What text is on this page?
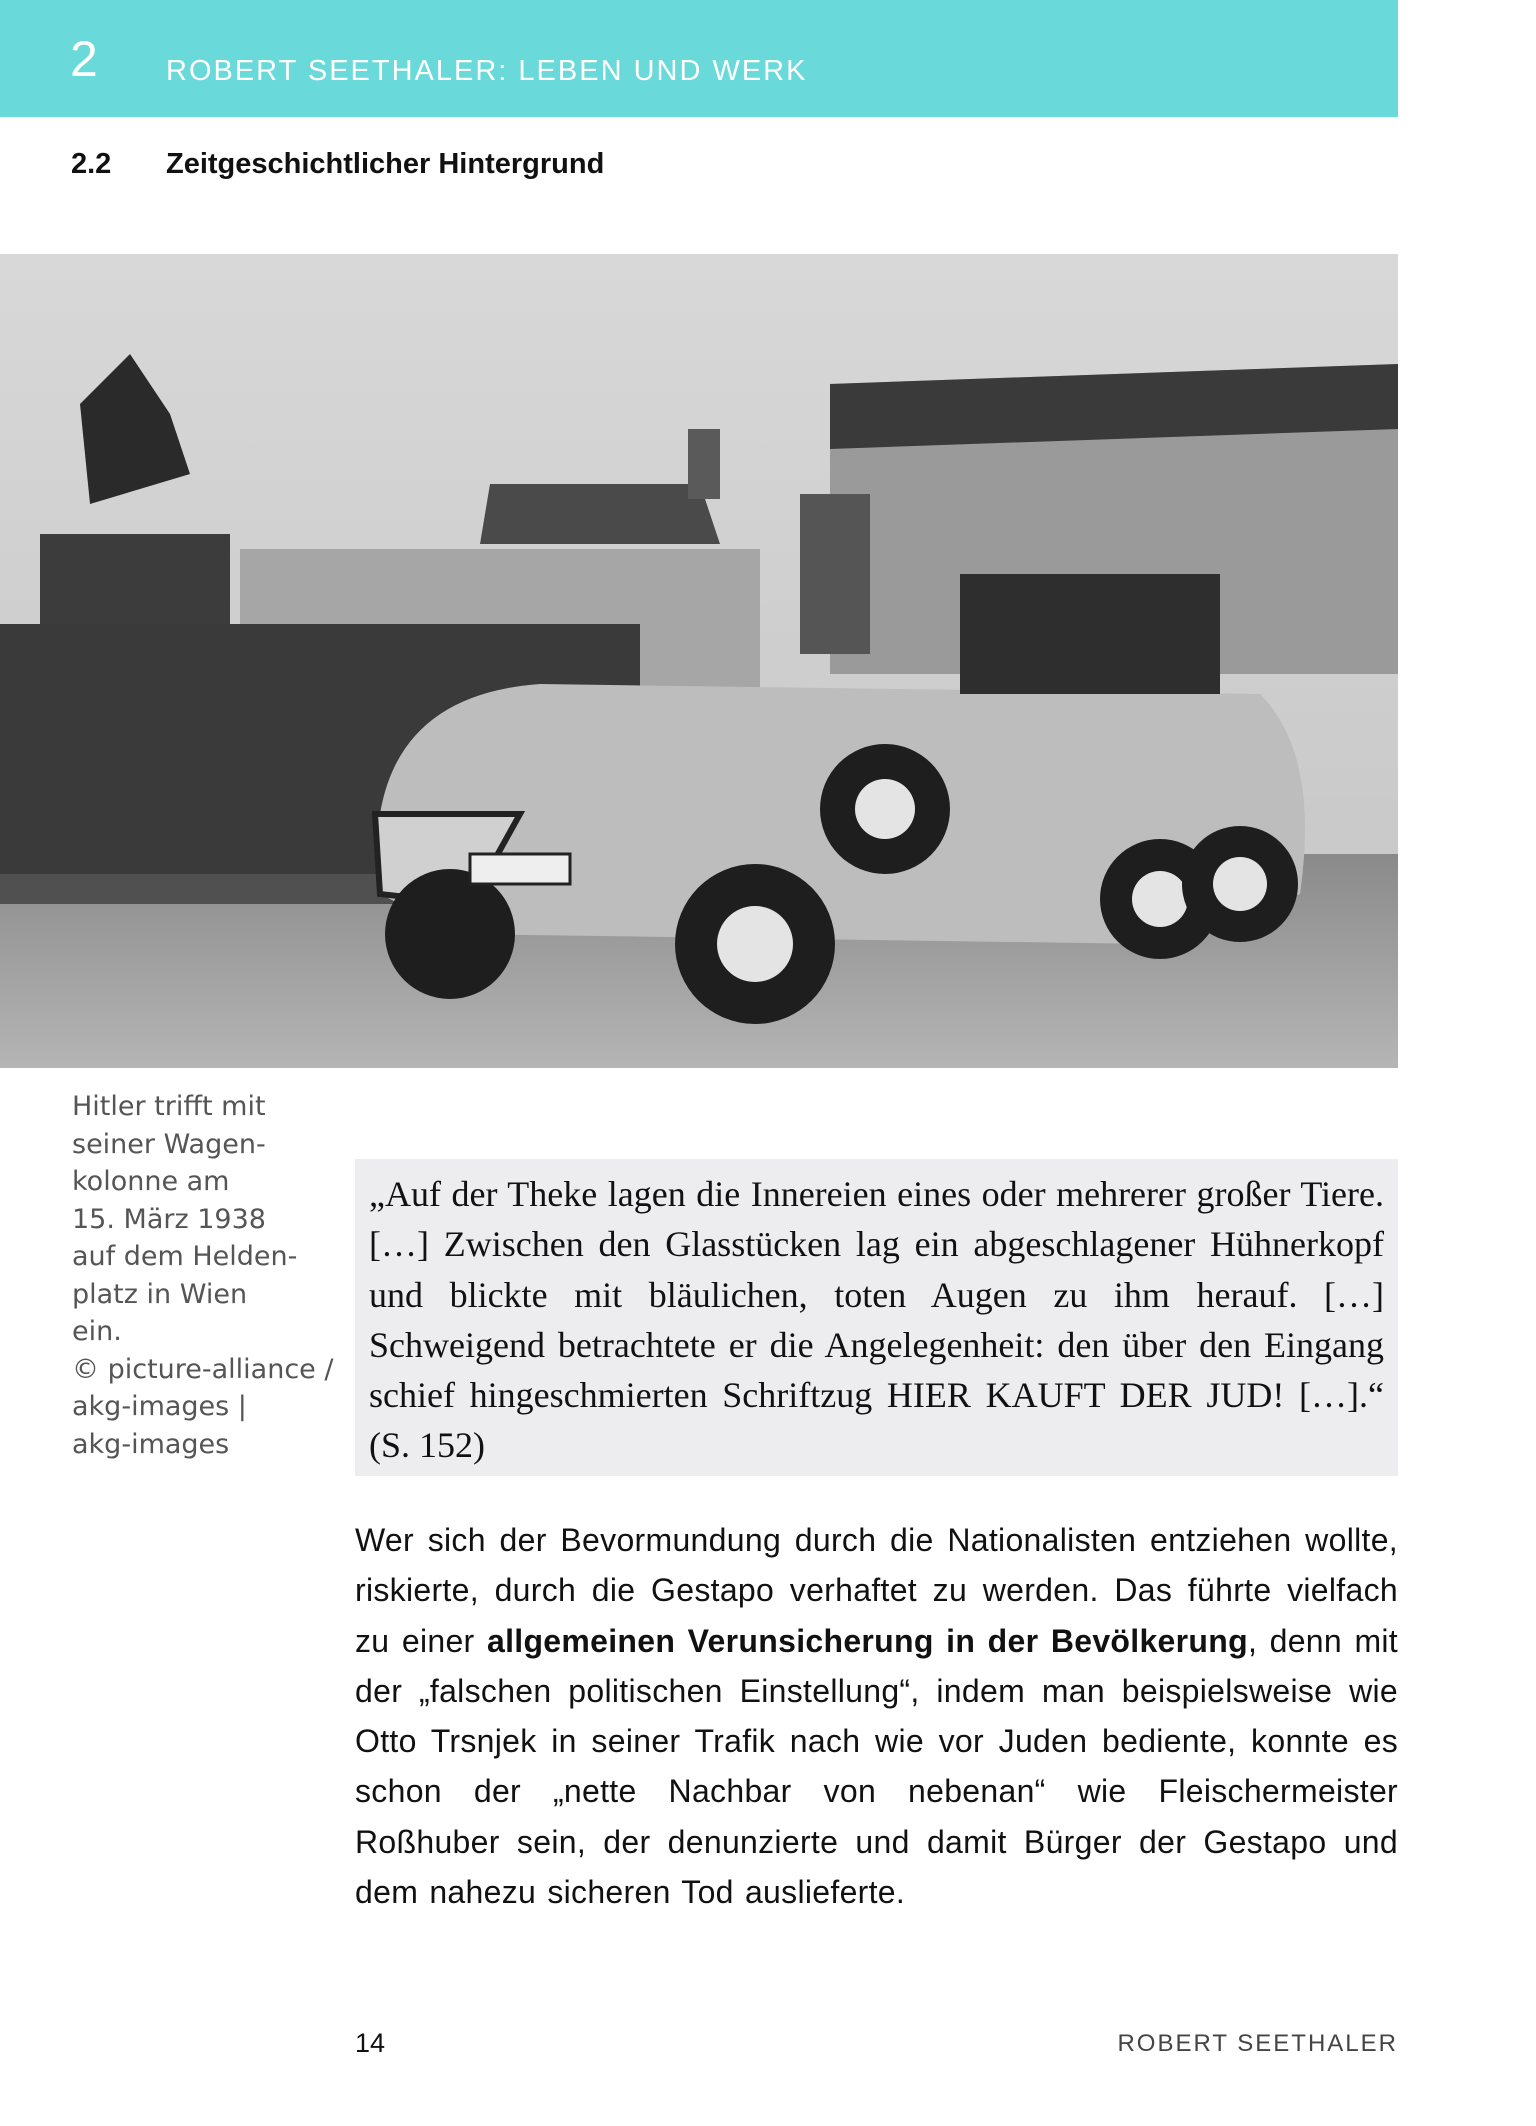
2 ROBERT SEETHALER: LEBEN UND WERK
2.2 Zeitgeschichtlicher Hintergrund
Hitler trifft mit
seiner Wagen-
kolonne am
15. März 1938
auf dem Helden-
platz in Wien
ein.
© picture-alliance /
akg-images |
akg-images
„Auf der Theke lagen die Innereien eines oder mehrerer großer Tiere. […] Zwischen den Glasstücken lag ein abgeschlagener Hühnerkopf und blickte mit bläulichen, toten Augen zu ihm herauf. […] Schweigend betrachtete er die Angelegenheit: den über den Eingang schief hingeschmierten Schriftzug HIER KAUFT DER JUD! […].“ (S. 152)
Wer sich der Bevormundung durch die Nationalisten entziehen wollte, riskierte, durch die Gestapo verhaftet zu werden. Das führte vielfach zu einer allgemeinen Verunsicherung in der Bevölkerung, denn mit der „falschen politischen Einstellung“, indem man beispielsweise wie Otto Trsnjek in seiner Trafik nach wie vor Juden bediente, konnte es schon der „nette Nachbar von nebenan“ wie Fleischermeister Roßhuber sein, der denunzierte und damit Bürger der Gestapo und dem nahezu sicheren Tod auslieferte.
14	ROBERT SEETHALER
